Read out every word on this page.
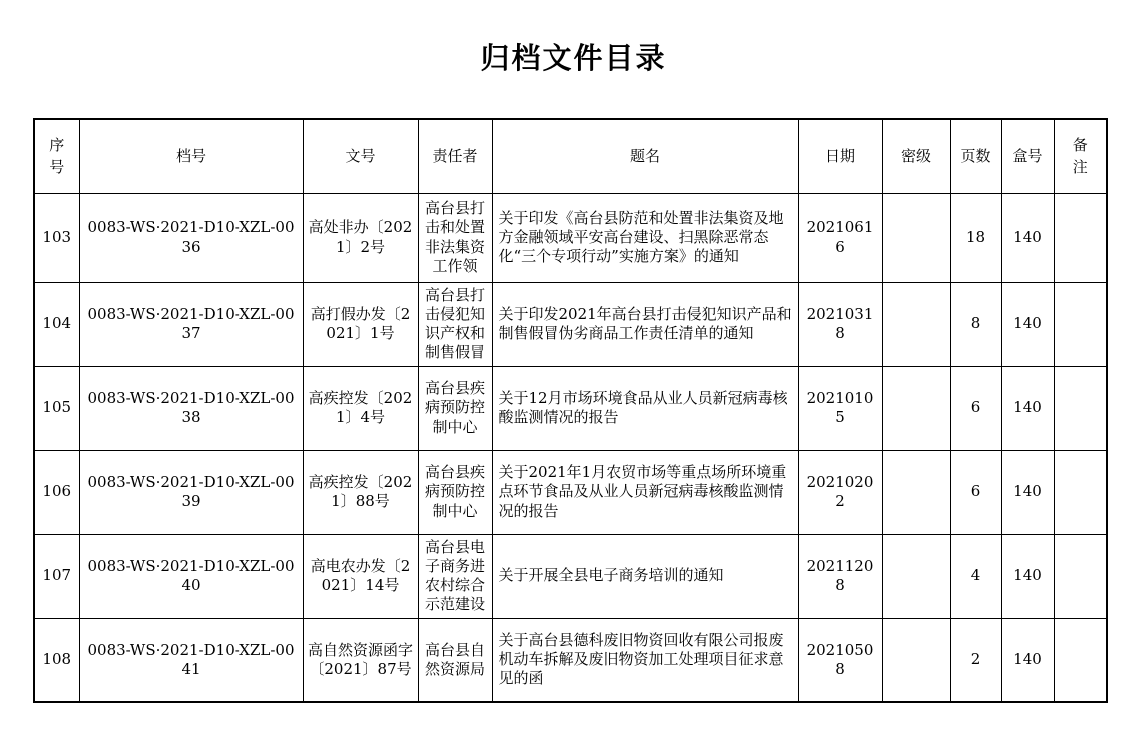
归档文件目录
序号	档号	文号	责任者	题名	日期	密级	页数	盒号	备注
103	0083-WS·2021-D10-XZL-0036	高处非办〔2021〕2号	高台县打击和处置非法集资工作领	关于印发《高台县防范和处置非法集资及地方金融领域平安高台建设、扫黑除恶常态化“三个专项行动”实施方案》的通知	20210616		18	140	
104	0083-WS·2021-D10-XZL-0037	高打假办发〔2021〕1号	高台县打击侵犯知识产权和制售假冒	关于印发2021年高台县打击侵犯知识产品和制售假冒伪劣商品工作责任清单的通知	20210318		8	140	
105	0083-WS·2021-D10-XZL-0038	高疾控发〔2021〕4号	高台县疾病预防控制中心	关于12月市场环境食品从业人员新冠病毒核酸监测情况的报告	20210105		6	140	
106	0083-WS·2021-D10-XZL-0039	高疾控发〔2021〕88号	高台县疾病预防控制中心	关于2021年1月农贸市场等重点场所环境重点环节食品及从业人员新冠病毒核酸监测情况的报告	20210202		6	140	
107	0083-WS·2021-D10-XZL-0040	高电农办发〔2021〕14号	高台县电子商务进农村综合示范建设	关于开展全县电子商务培训的通知	20211208		4	140	
108	0083-WS·2021-D10-XZL-0041	高自然资源函字〔2021〕87号	高台县自然资源局	关于高台县德科废旧物资回收有限公司报废机动车拆解及废旧物资加工处理项目征求意见的函	20210508		2	140	
